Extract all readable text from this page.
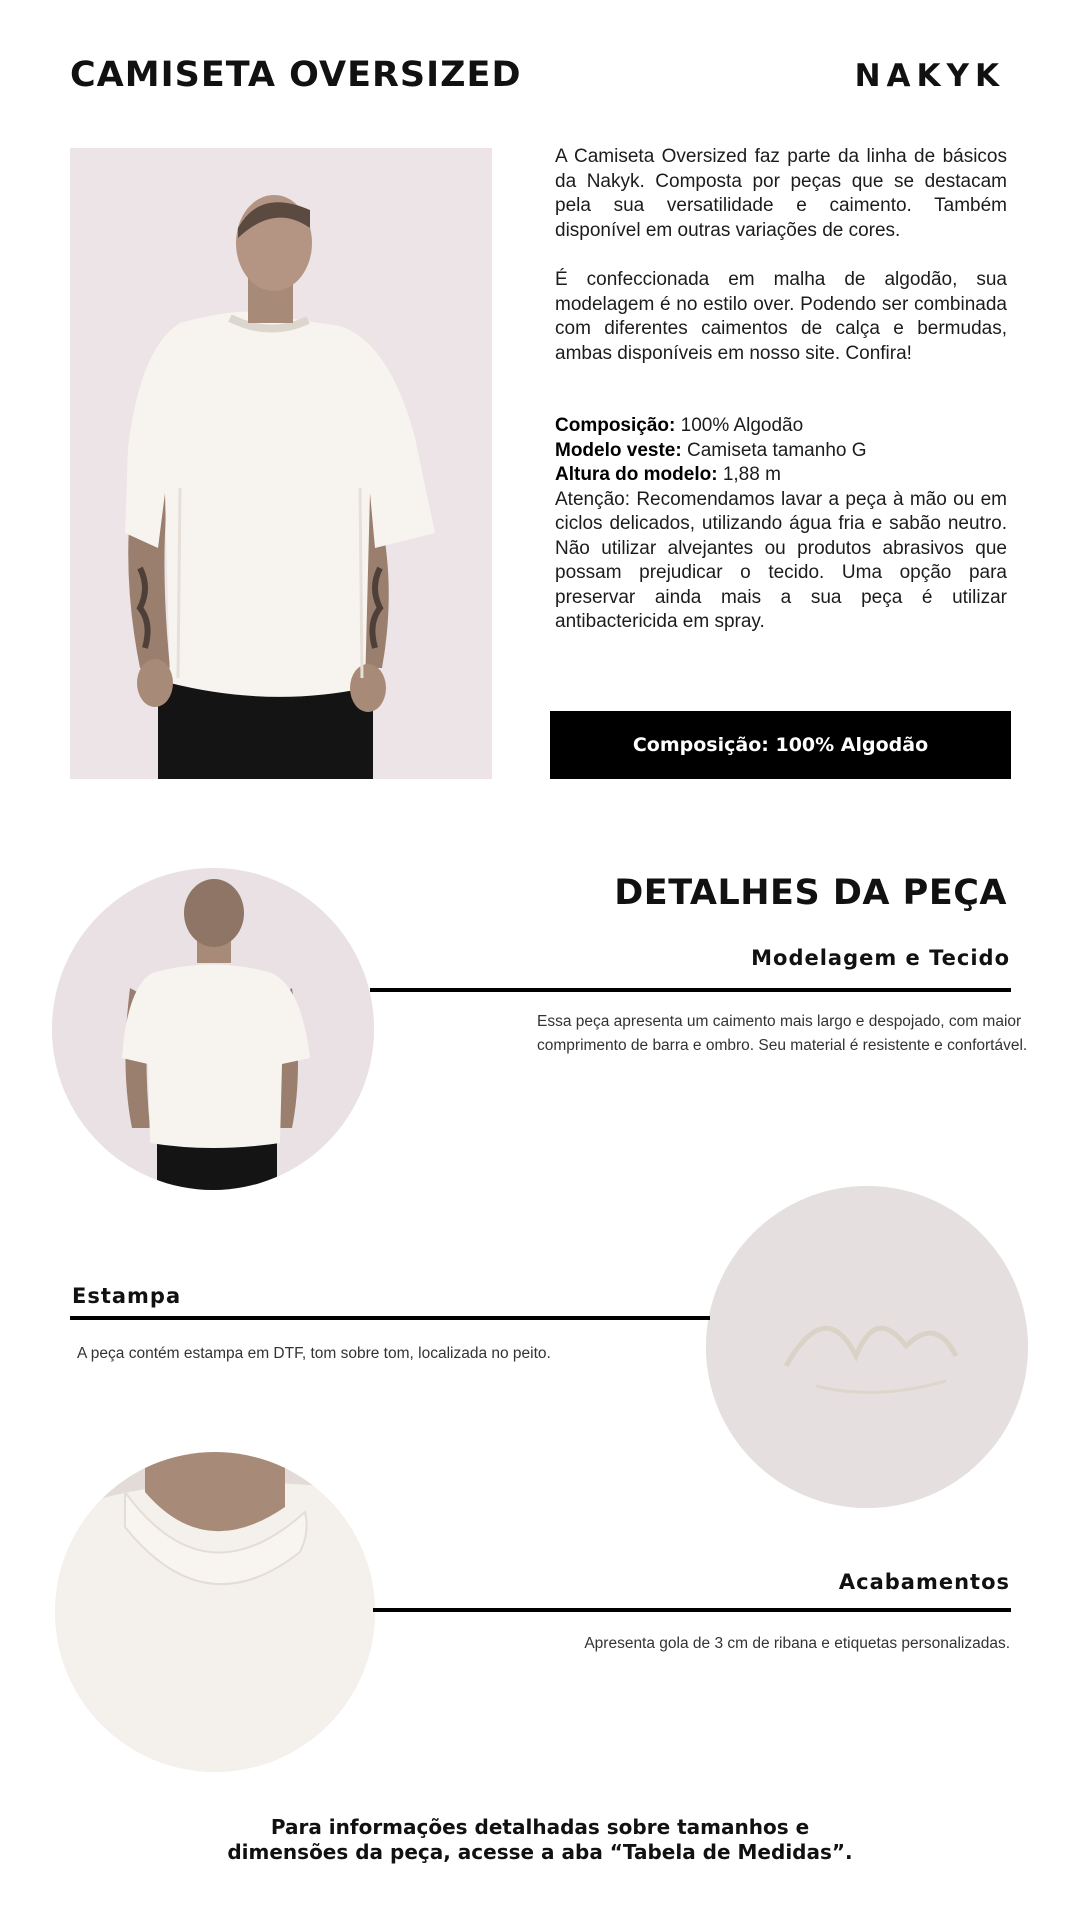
CAMISETA OVERSIZED	NAKYK

A Camiseta Oversized faz parte da linha de básicos da Nakyk. Composta por peças que se destacam pela sua versatilidade e caimento. Também disponível em outras variações de cores.

É confeccionada em malha de algodão, sua modelagem é no estilo over. Podendo ser combinada com diferentes caimentos de calça e bermudas, ambas disponíveis em nosso site. Confira!

Composição: 100% Algodão
Modelo veste: Camiseta tamanho G
Altura do modelo: 1,88 m

Atenção: Recomendamos lavar a peça à mão ou em ciclos delicados, utilizando água fria e sabão neutro. Não utilizar alvejantes ou produtos abrasivos que possam prejudicar o tecido. Uma opção para preservar ainda mais a sua peça é utilizar antibactericida em spray.

Composição: 100% Algodão
DETALHES DA PEÇA
Modelagem e Tecido
Essa peça apresenta um caimento mais largo e despojado, com maior
comprimento de barra e ombro. Seu material é resistente e confortável.
Estampa
A peça contém estampa em DTF, tom sobre tom, localizada no peito.
Acabamentos
Apresenta gola de 3 cm de ribana e etiquetas personalizadas.
Para informações detalhadas sobre tamanhos e
dimensões da peça, acesse a aba “Tabela de Medidas”.
